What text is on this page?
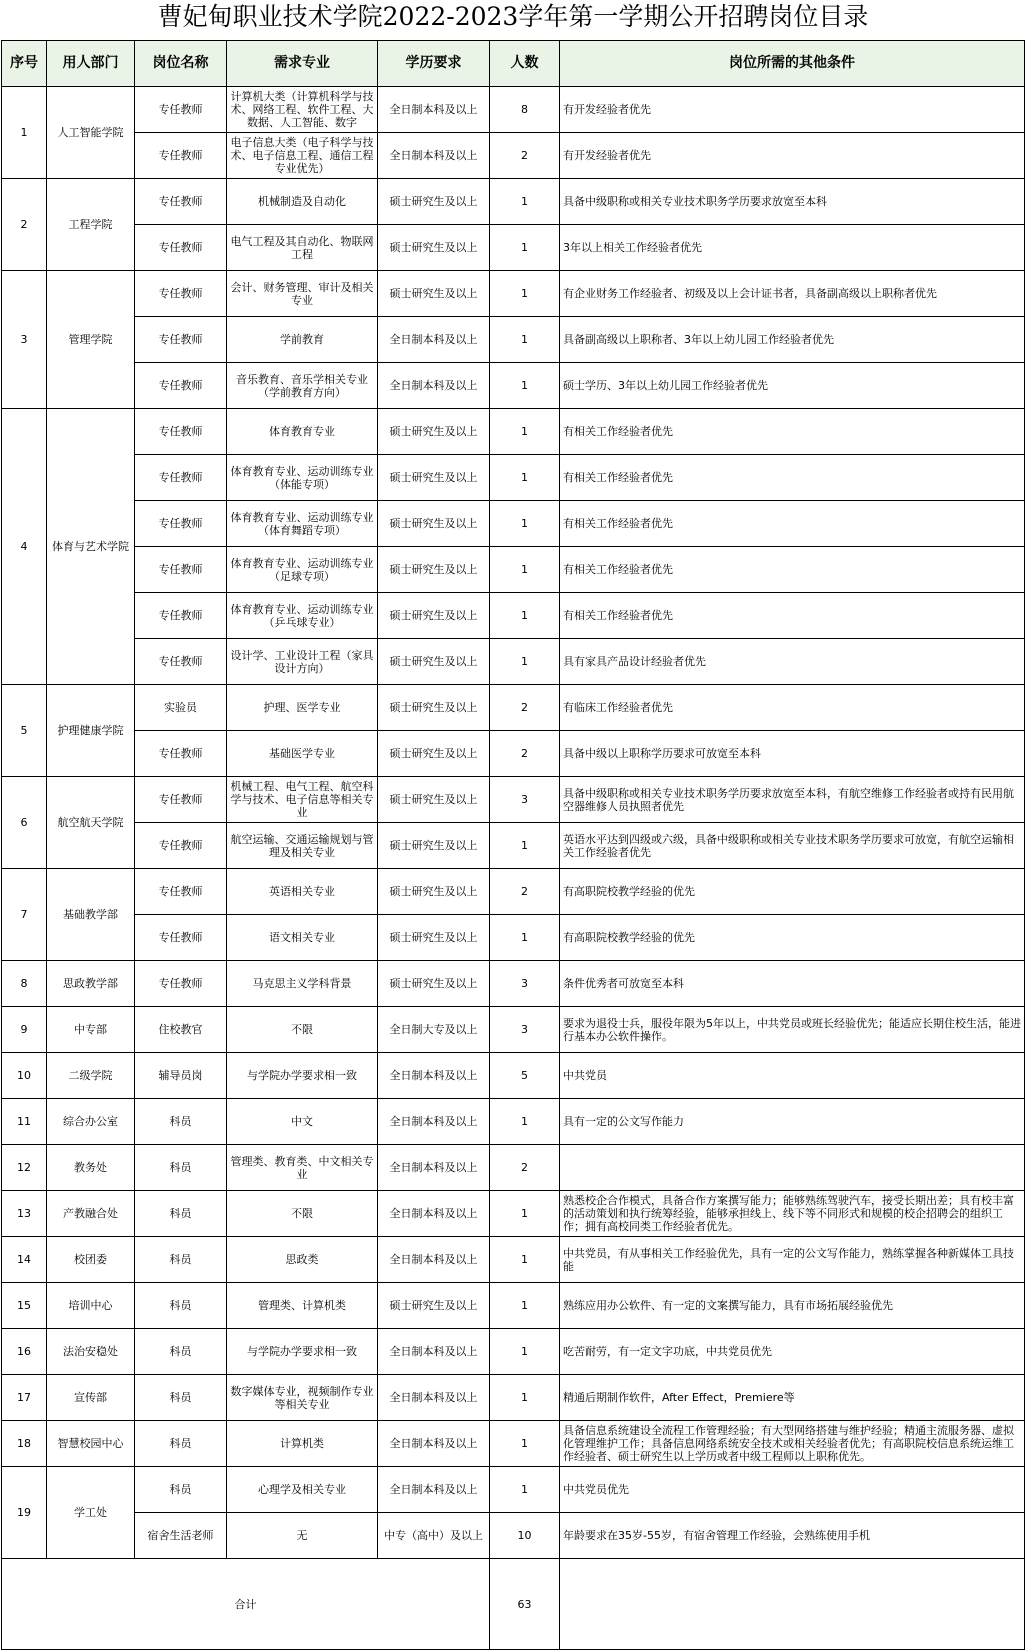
曹妃甸职业技术学院2022-2023学年第一学期公开招聘岗位目录
序号	用人部门	岗位名称	需求专业	学历要求	人数	岗位所需的其他条件

1	人工智能学院	专任教师	计算机大类（计算机科学与技术、网络工程、软件工程、大数据、人工智能、数字	全日制本科及以上	8	有开发经验者优先

		专任教师	电子信息大类（电子科学与技术、电子信息工程、通信工程专业优先）	全日制本科及以上	2	有开发经验者优先

2	工程学院	专任教师	机械制造及自动化	硕士研究生及以上	1	具备中级职称或相关专业技术职务学历要求放宽至本科

		专任教师	电气工程及其自动化、物联网工程	硕士研究生及以上	1	3年以上相关工作经验者优先

3	管理学院	专任教师	会计、财务管理、审计及相关专业	硕士研究生及以上	1	有企业财务工作经验者、初级及以上会计证书者，具备副高级以上职称者优先

		专任教师	学前教育	全日制本科及以上	1	具备副高级以上职称者、3年以上幼儿园工作经验者优先

		专任教师	音乐教育、音乐学相关专业（学前教育方向）	全日制本科及以上	1	硕士学历、3年以上幼儿园工作经验者优先

4	体育与艺术学院	专任教师	体育教育专业	硕士研究生及以上	1	有相关工作经验者优先

		专任教师	体育教育专业、运动训练专业（体能专项）	硕士研究生及以上	1	有相关工作经验者优先

		专任教师	体育教育专业、运动训练专业（体育舞蹈专项）	硕士研究生及以上	1	有相关工作经验者优先

		专任教师	体育教育专业、运动训练专业（足球专项）	硕士研究生及以上	1	有相关工作经验者优先

		专任教师	体育教育专业、运动训练专业（乒乓球专业）	硕士研究生及以上	1	有相关工作经验者优先

		专任教师	设计学、工业设计工程（家具设计方向）	硕士研究生及以上	1	具有家具产品设计经验者优先

5	护理健康学院	实验员	护理、医学专业	硕士研究生及以上	2	有临床工作经验者优先

		专任教师	基础医学专业	硕士研究生及以上	2	具备中级以上职称学历要求可放宽至本科

6	航空航天学院	专任教师	机械工程、电气工程、航空科学与技术、电子信息等相关专业	硕士研究生及以上	3	具备中级职称或相关专业技术职务学历要求放宽至本科，有航空维修工作经验者或持有民用航空器维修人员执照者优先

		专任教师	航空运输、交通运输规划与管理及相关专业	硕士研究生及以上	1	英语水平达到四级或六级，具备中级职称或相关专业技术职务学历要求可放宽，有航空运输相关工作经验者优先

7	基础教学部	专任教师	英语相关专业	硕士研究生及以上	2	有高职院校教学经验的优先

		专任教师	语文相关专业	硕士研究生及以上	1	有高职院校教学经验的优先

8	思政教学部	专任教师	马克思主义学科背景	硕士研究生及以上	3	条件优秀者可放宽至本科

9	中专部	住校教官	不限	全日制大专及以上	3	要求为退役士兵，服役年限为5年以上，中共党员或班长经验优先；能适应长期住校生活，能进行基本办公软件操作。

10	二级学院	辅导员岗	与学院办学要求相一致	全日制本科及以上	5	中共党员

11	综合办公室	科员	中文	全日制本科及以上	1	具有一定的公文写作能力

12	教务处	科员	管理类、教育类、中文相关专业	全日制本科及以上	2	

13	产教融合处	科员	不限	全日制本科及以上	1	熟悉校企合作模式，具备合作方案撰写能力；能够熟练驾驶汽车，接受长期出差；具有校丰富的活动策划和执行统筹经验，能够承担线上、线下等不同形式和规模的校企招聘会的组织工作；拥有高校同类工作经验者优先。

14	校团委	科员	思政类	全日制本科及以上	1	中共党员，有从事相关工作经验优先，具有一定的公文写作能力，熟练掌握各种新媒体工具技能

15	培训中心	科员	管理类、计算机类	硕士研究生及以上	1	熟练应用办公软件、有一定的文案撰写能力，具有市场拓展经验优先

16	法治安稳处	科员	与学院办学要求相一致	全日制本科及以上	1	吃苦耐劳，有一定文字功底，中共党员优先

17	宣传部	科员	数字媒体专业，视频制作专业等相关专业	全日制本科及以上	1	精通后期制作软件，After Effect，Premiere等

18	智慧校园中心	科员	计算机类	全日制本科及以上	1	具备信息系统建设全流程工作管理经验；有大型网络搭建与维护经验；精通主流服务器、虚拟化管理维护工作；具备信息网络系统安全技术或相关经验者优先；有高职院校信息系统运维工作经验者、硕士研究生以上学历或者中级工程师以上职称优先。

19	学工处	科员	心理学及相关专业	全日制本科及以上	1	中共党员优先

		宿舍生活老师	无	中专（高中）及以上	10	年龄要求在35岁-55岁，有宿舍管理工作经验，会熟练使用手机

合计					63	
